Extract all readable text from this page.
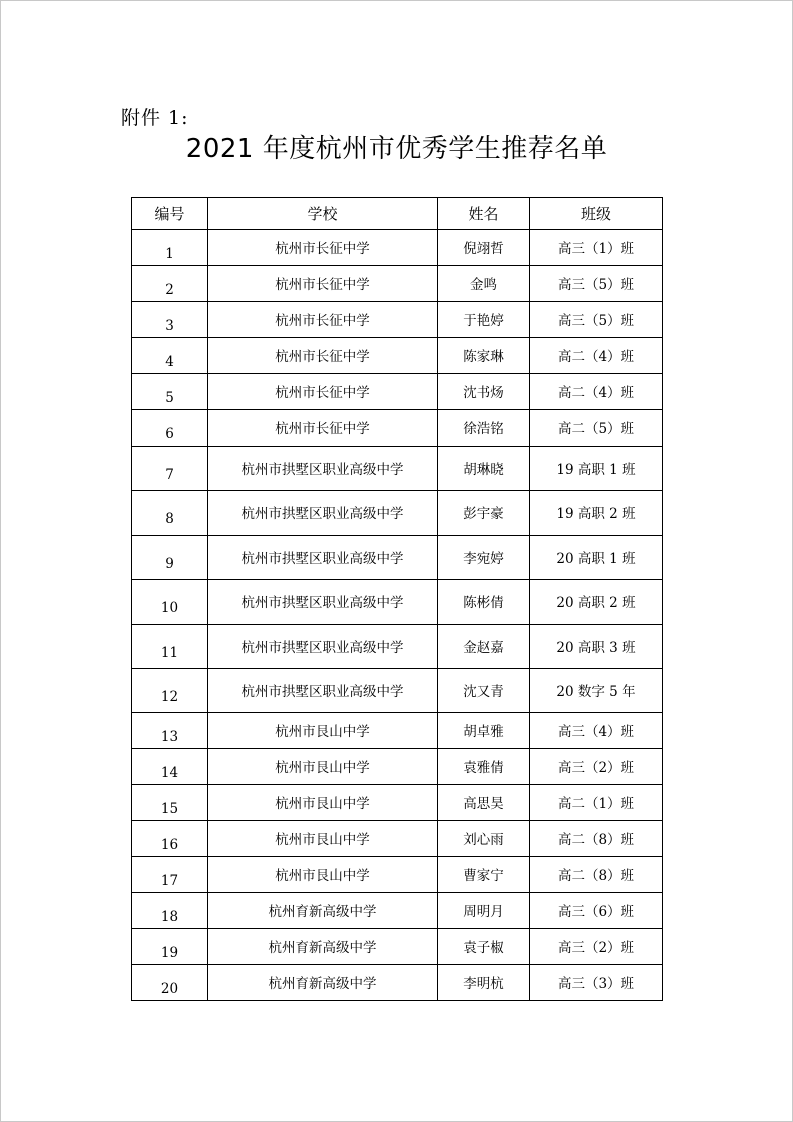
附件 1:
2021 年度杭州市优秀学生推荐名单
编号	学校	姓名	班级
1	杭州市长征中学	倪翊哲	高三（1）班
2	杭州市长征中学	金鸣	高三（5）班
3	杭州市长征中学	于艳婷	高三（5）班
4	杭州市长征中学	陈家琳	高二（4）班
5	杭州市长征中学	沈书炀	高二（4）班
6	杭州市长征中学	徐浩铭	高二（5）班
7	杭州市拱墅区职业高级中学	胡琳晓	19 高职 1 班
8	杭州市拱墅区职业高级中学	彭宇豪	19 高职 2 班
9	杭州市拱墅区职业高级中学	李宛婷	20 高职 1 班
10	杭州市拱墅区职业高级中学	陈彬倩	20 高职 2 班
11	杭州市拱墅区职业高级中学	金赵嘉	20 高职 3 班
12	杭州市拱墅区职业高级中学	沈又青	20 数字 5 年
13	杭州市艮山中学	胡卓雅	高三（4）班
14	杭州市艮山中学	袁雅倩	高三（2）班
15	杭州市艮山中学	高思昊	高二（1）班
16	杭州市艮山中学	刘心雨	高二（8）班
17	杭州市艮山中学	曹家宁	高二（8）班
18	杭州育新高级中学	周明月	高三（6）班
19	杭州育新高级中学	袁子椒	高三（2）班
20	杭州育新高级中学	李明杭	高三（3）班
